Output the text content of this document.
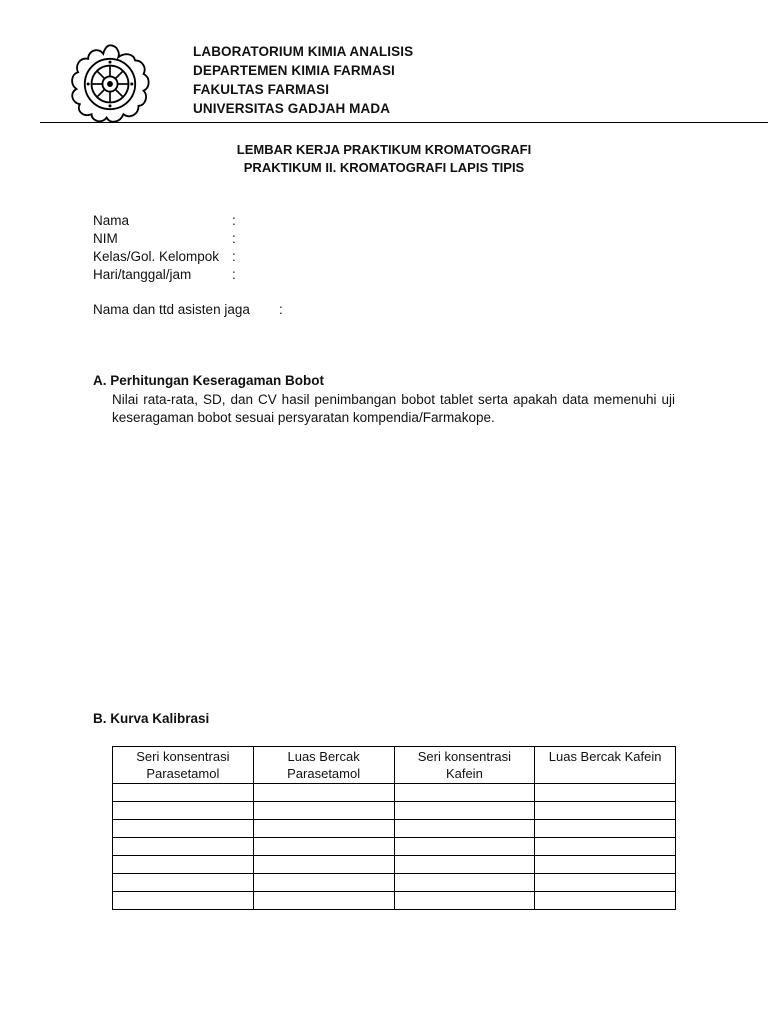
LABORATORIUM KIMIA ANALISIS
DEPARTEMEN KIMIA FARMASI
FAKULTAS FARMASI
UNIVERSITAS GADJAH MADA
LEMBAR KERJA PRAKTIKUM KROMATOGRAFI
PRAKTIKUM II. KROMATOGRAFI LAPIS TIPIS
Nama	:
NIM	:
Kelas/Gol. Kelompok :
Hari/tanggal/jam	:
Nama dan ttd asisten jaga :
A. Perhitungan Keseragaman Bobot
Nilai rata-rata, SD, dan CV hasil penimbangan bobot tablet serta apakah data memenuhi uji keseragaman bobot sesuai persyaratan kompendia/Farmakope.
B. Kurva Kalibrasi
Seri konsentrasi Parasetamol	Luas Bercak Parasetamol	Seri konsentrasi Kafein	Luas Bercak Kafein
